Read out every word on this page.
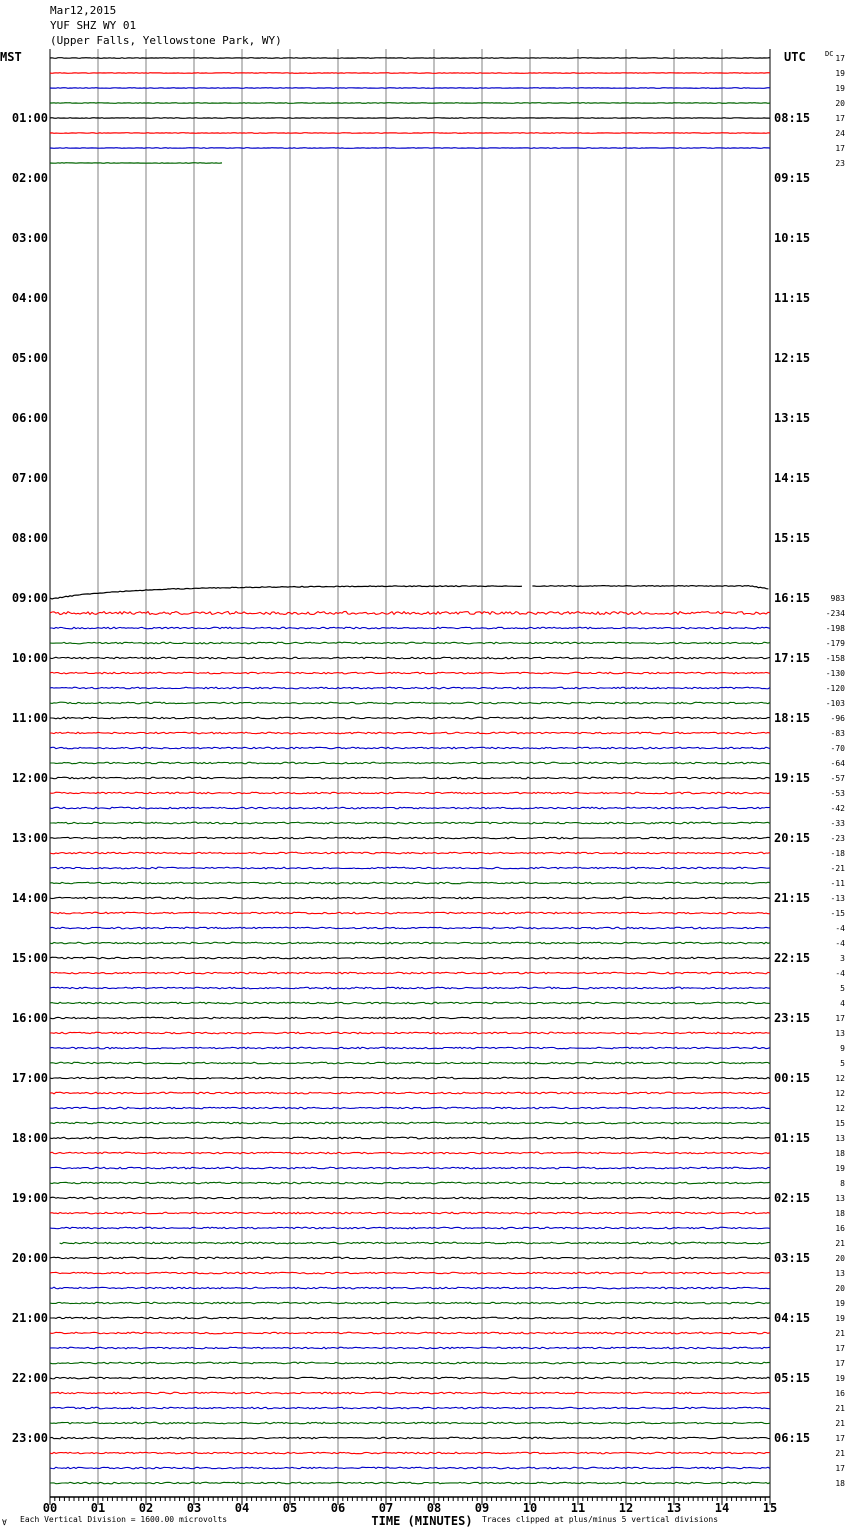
Mar12,2015
YUF SHZ WY 01
(Upper Falls, Yellowstone Park, WY)
17
19
19
20
17
01:00	08:15
24
17
23
02:00	09:15
03:00	10:15
04:00	11:15
05:00	12:15
06:00	13:15
07:00	14:15
08:00	15:15
983
09:00	16:15
-234
-198
-179
-158
10:00	17:15
-130
-120
-103
-96
11:00	18:15
-83
-70
-64
-57
12:00	19:15
-53
-42
-33
-23
13:00	20:15
-18
-21
-11
-13
14:00	21:15
-15
-4
-4
3
15:00	22:15
-4
5
4
17
16:00	23:15
13
9
5
12
17:00	00:15
12
12
15
13
18:00	01:15
18
19
8
13
19:00	02:15
18
16
21
20
20:00	03:15
13
20
19
19
21:00	04:15
21
17
17
19
22:00	05:15
16
21
21
17
23:00	06:15
21
17
18
MST	UTC	DC
00	01	02	03	04	05	06	07	08	09	10	11	12	13	14	15
TIME (MINUTES)
Each Vertical Division = 1600.00 microvolts	Traces clipped at plus/minus 5 vertical divisions
∀
